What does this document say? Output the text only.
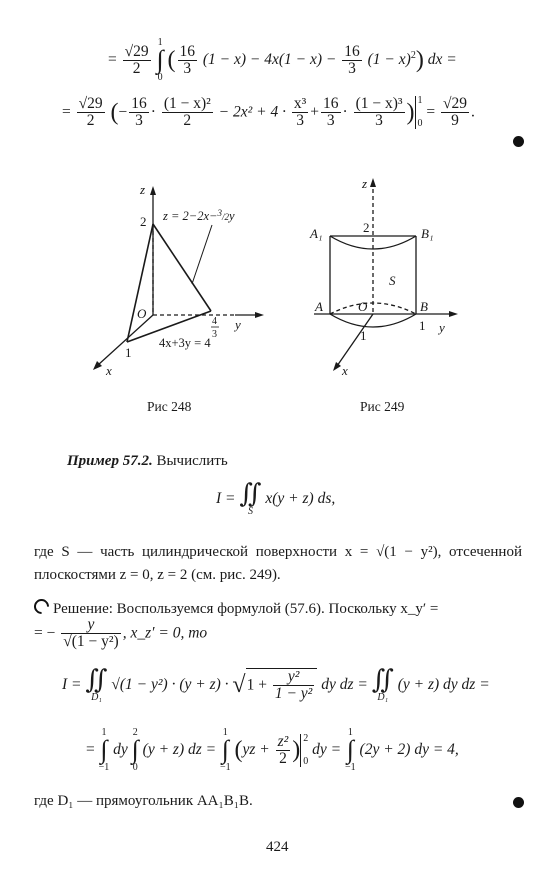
= $\frac{√29}{2}$

1
∫
0
( $\frac{16}{3} (1 - x) - 4x(1 - x) - \frac{16}{3} (1 - x)^2$) dx =
= $\frac{√29}{2}$ (− $\frac{16}{3} \cdot \frac{\text{(1 − x)²}}{2} - 2x^2 + 4 \cdot \frac{\text{x³}}{3} + \frac{16}{3} \cdot \frac{\text{(1 − x)³}}{3}$ ) 1

0
= $\frac{√29}{9}$ .
z
2 z = 2−2x−$^3_/$2y
O
4
3
y
4x+3y = 4
1
x
Рис 248
z
A₁	2	B₁
S
A	O	B
1 y
1
x
Рис 249
Пример 57.2. Вычислить
I = ∬
S
x(y + z) ds,
где S — часть цилиндрической поверхности x = √(1 − y²), отсеченной плоскостями z = 0, z = 2 (см. рис. 249).
Решение: Воспользуемся формулой (57.6). Поскольку x_y′ =
= − $\frac{y}{\text{√(1 − y²)}}$ , x_z′ = 0, то
I = ∬
D₁
$√(1 - y^2) \cdot (y + z) \cdot √1 + \frac{\text{y²}}{\text{1 − y²}}$ dy dz = ∬
D₁
(y + z) dy dz =
=
1
∫
−1
dy
2
∫
0
(y + z) dz =
1
∫
−1
($yz + \frac{\text{z²}}{2}$ ) 2

0
dy =
1
∫
−1
(2y + 2) dy = 4,
где D₁ — прямоугольник AA₁B₁B.
424
